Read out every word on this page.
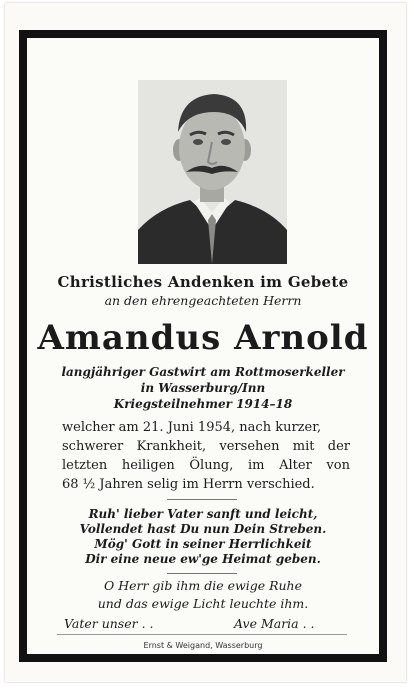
Christliches Andenken im Gebete
an den ehrengeachteten Herrn
Amandus Arnold
langjähriger Gastwirt am Rottmoserkeller
in Wasserburg/Inn
Kriegsteilnehmer 1914–18
welcher am 21. Juni 1954, nach kurzer,
schwerer Krankheit, versehen mit der
letzten heiligen Ölung, im Alter von
68 ½ Jahren selig im Herrn verschied.
Ruh' lieber Vater sanft und leicht,
Vollendet hast Du nun Dein Streben.
Mög' Gott in seiner Herrlichkeit
Dir eine neue ew'ge Heimat geben.
O Herr gib ihm die ewige Ruhe
und das ewige Licht leuchte ihm.
Vater unser . .	Ave Maria . .
Ernst & Weigand, Wasserburg
